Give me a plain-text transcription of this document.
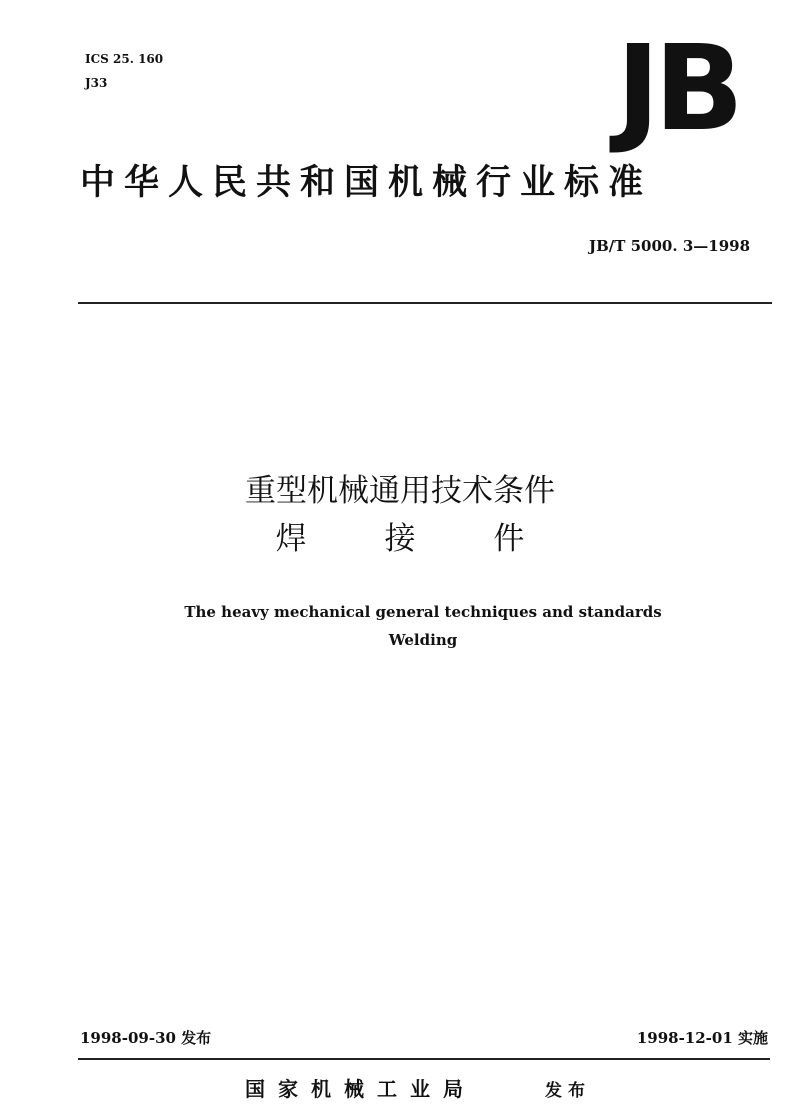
ICS 25. 160
J33	JB
中华人民共和国机械行业标准
JB/T 5000. 3—1998
重型机械通用技术条件
焊 接 件
The heavy mechanical general techniques and standards
Welding
1998-09-30 发布	1998-12-01 实施
国家机械工业局	发布
